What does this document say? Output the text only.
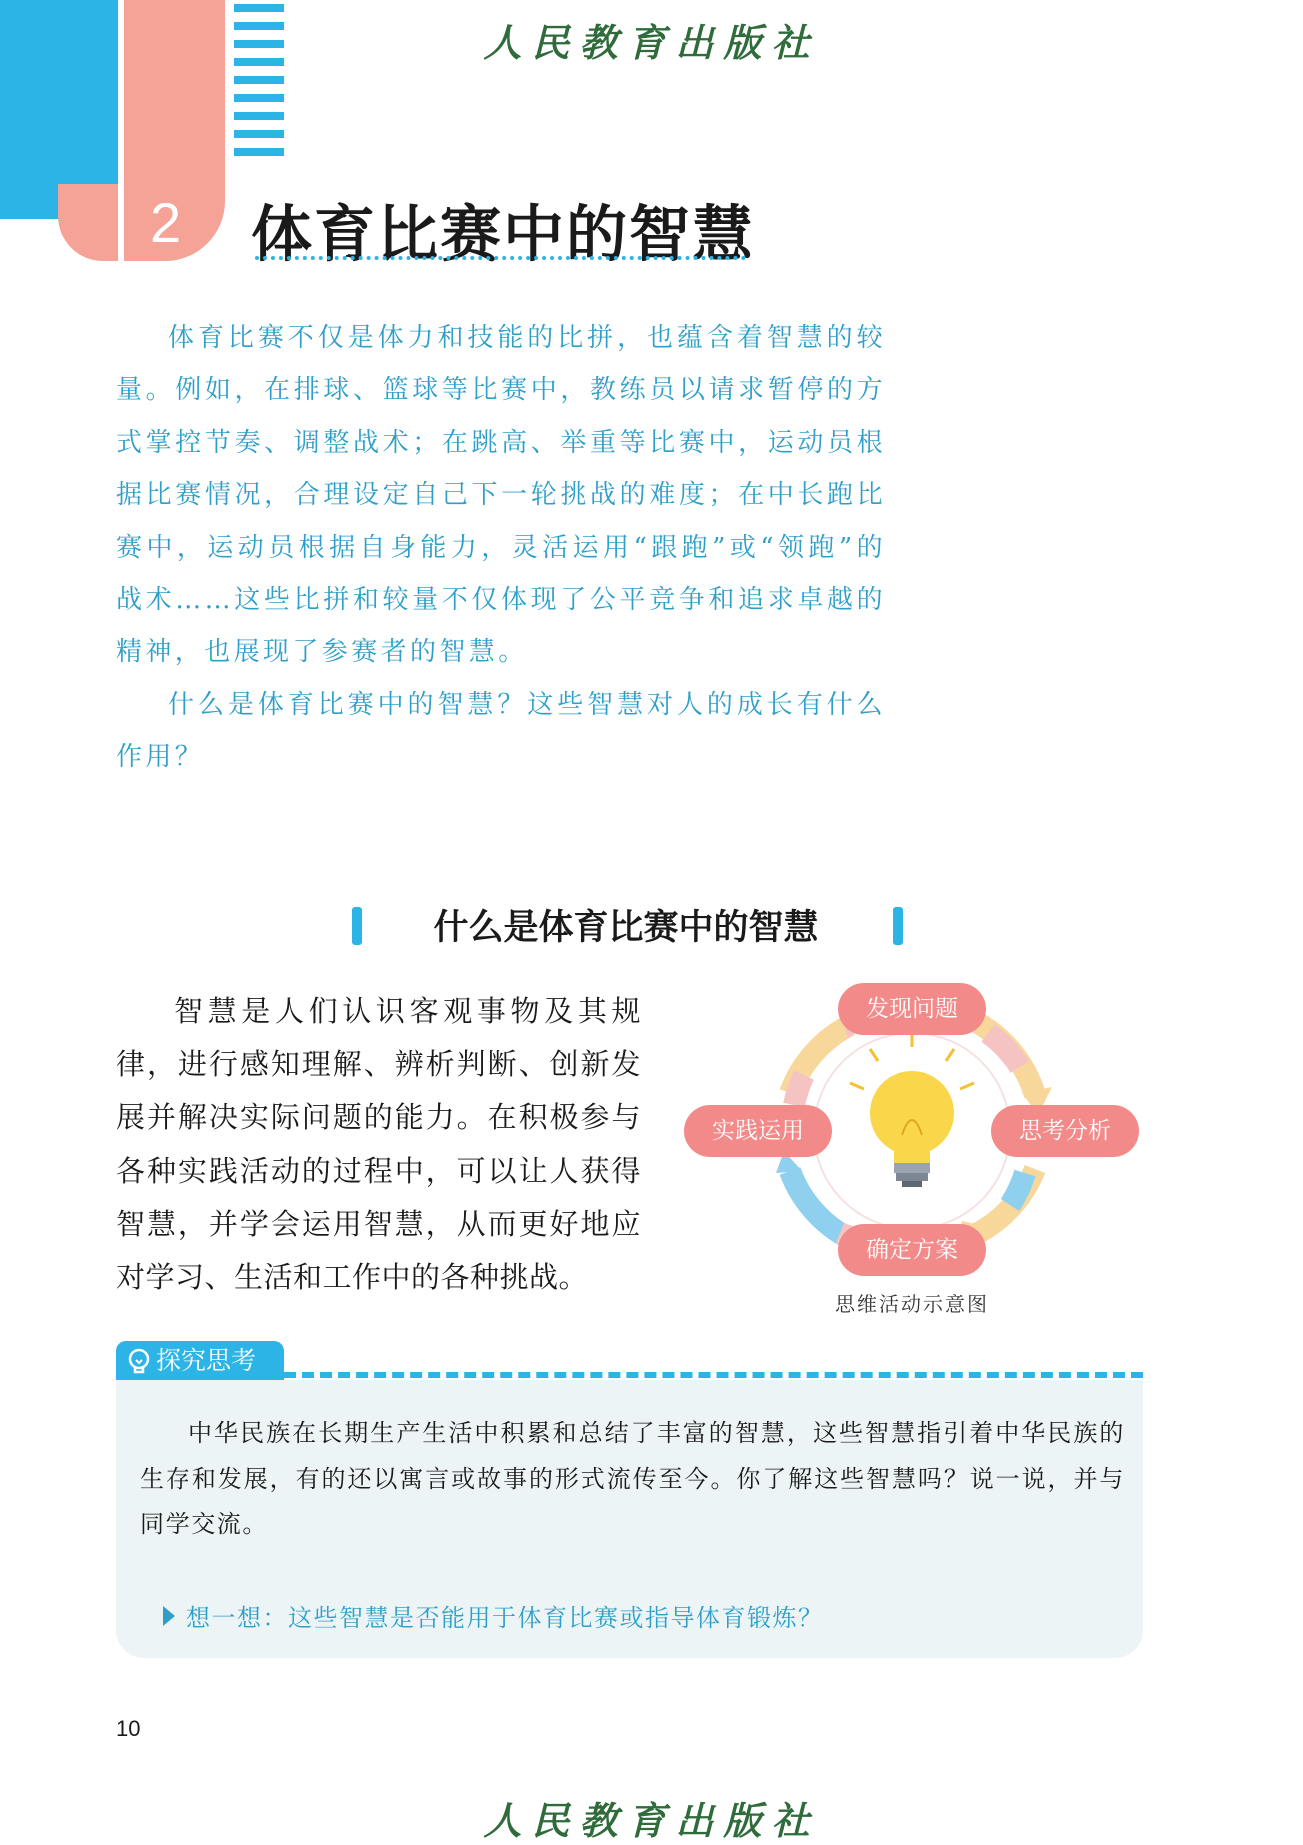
人民教育出版社
2	体育比赛中的智慧

体育比赛不仅是体力和技能的比拼，也蕴含着智慧的较量。例如，在排球、篮球等比赛中，教练员以请求暂停的方式掌控节奏、调整战术；在跳高、举重等比赛中，运动员根据比赛情况，合理设定自己下一轮挑战的难度；在中长跑比赛中，运动员根据自身能力，灵活运用“跟跑”或“领跑”的战术……这些比拼和较量不仅体现了公平竞争和追求卓越的精神，也展现了参赛者的智慧。

什么是体育比赛中的智慧？这些智慧对人的成长有什么作用？

什么是体育比赛中的智慧

智慧是人们认识客观事物及其规律，进行感知理解、辨析判断、创新发展并解决实际问题的能力。在积极参与各种实践活动的过程中，可以让人获得智慧，并学会运用智慧，从而更好地应对学习、生活和工作中的各种挑战。

发现问题
思考分析
确定方案
实践运用
思维活动示意图
探究思考

中华民族在长期生产生活中积累和总结了丰富的智慧，这些智慧指引着中华民族的生存和发展，有的还以寓言或故事的形式流传至今。你了解这些智慧吗？说一说，并与同学交流。

想一想：这些智慧是否能用于体育比赛或指导体育锻炼？
10
人民教育出版社
